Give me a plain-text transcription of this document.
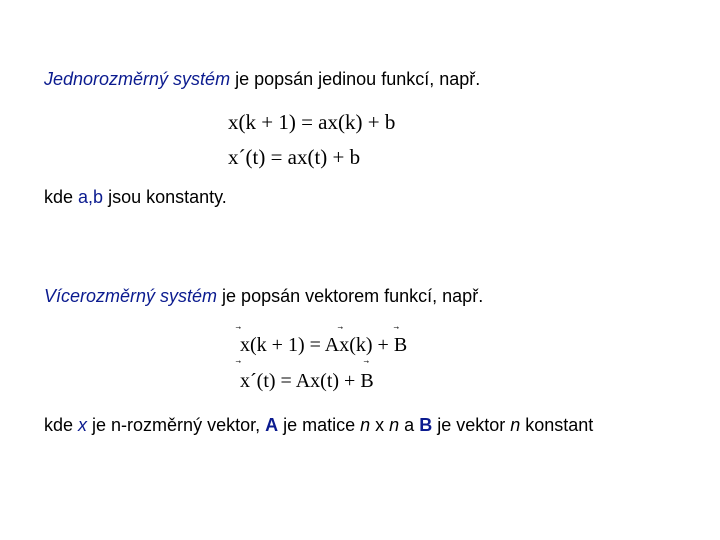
Jednorozměrný systém je popsán jedinou funkcí, např.
x(k + 1) = ax(k) + b
x´(t) = ax(t) + b
kde a,b jsou konstanty.
Vícerozměrný systém je popsán vektorem funkcí, např.
x(k + 1) = Ax(k) + B
x´(t) = Ax(t) + B
kde x je n-rozměrný vektor, A je matice n x n a B je vektor n konstant
